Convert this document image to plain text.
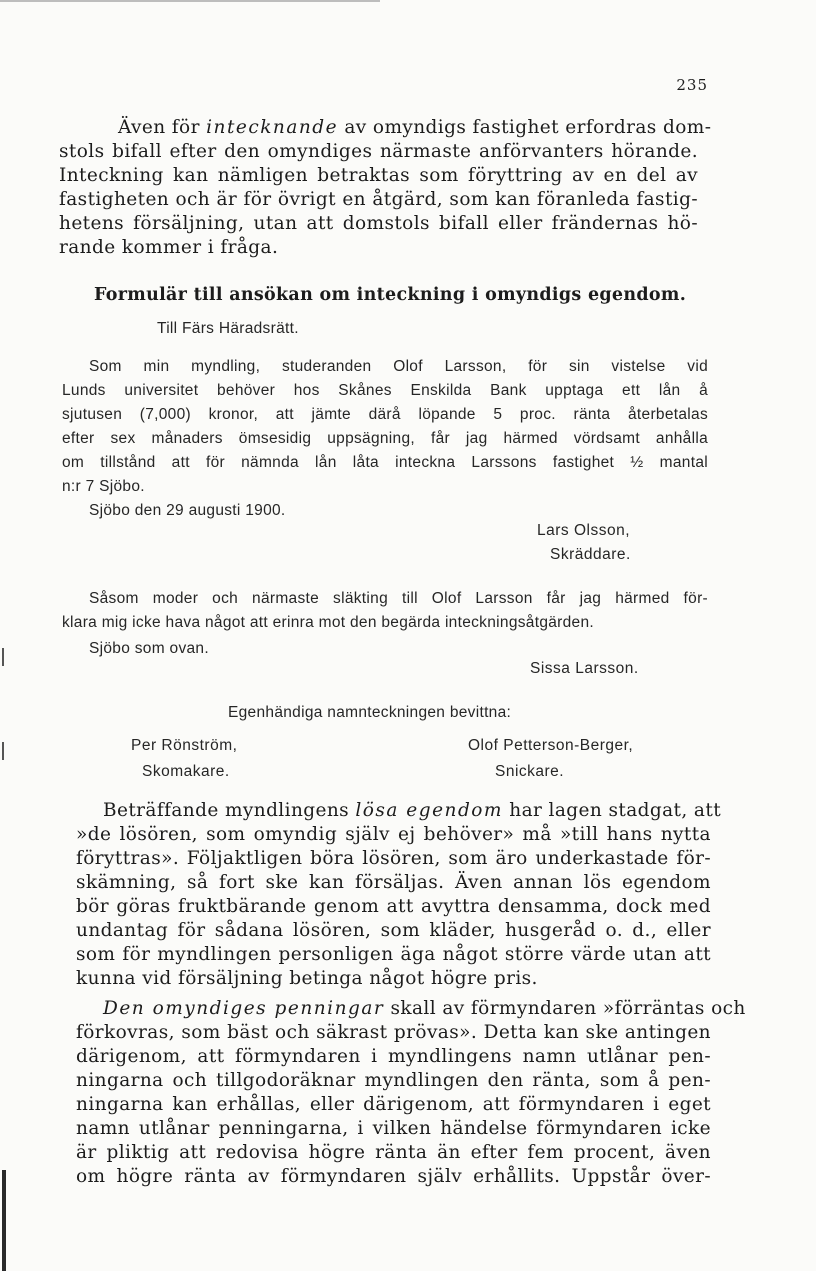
235
Även för intecknande av omyndigs fastighet erfordras dom-
stols bifall efter den omyndiges närmaste anförvanters hörande.
Inteckning kan nämligen betraktas som föryttring av en del av
fastigheten och är för övrigt en åtgärd, som kan föranleda fastig-
hetens försäljning, utan att domstols bifall eller frändernas hö-
rande kommer i fråga.
Formulär till ansökan om inteckning i omyndigs egendom.
Till Färs Häradsrätt.
Som min myndling, studeranden Olof Larsson, för sin vistelse vid
Lunds universitet behöver hos Skånes Enskilda Bank upptaga ett lån å
sjutusen (7,000) kronor, att jämte därå löpande 5 proc. ränta återbetalas
efter sex månaders ömsesidig uppsägning, får jag härmed vördsamt anhålla
om tillstånd att för nämnda lån låta inteckna Larssons fastighet ½ mantal
n:r 7 Sjöbo.
Sjöbo den 29 augusti 1900.
Lars Olsson,
Skräddare.
Såsom moder och närmaste släkting till Olof Larsson får jag härmed för-
klara mig icke hava något att erinra mot den begärda inteckningsåtgärden.
Sjöbo som ovan.
Sissa Larsson.
Egenhändiga namnteckningen bevittna:
Per Rönström,
Skomakare.
Olof Petterson-Berger,
Snickare.
Beträffande myndlingens lösa egendom har lagen stadgat, att
»de lösören, som omyndig själv ej behöver» må »till hans nytta
föryttras». Följaktligen böra lösören, som äro underkastade för-
skämning, så fort ske kan försäljas. Även annan lös egendom
bör göras fruktbärande genom att avyttra densamma, dock med
undantag för sådana lösören, som kläder, husgeråd o. d., eller
som för myndlingen personligen äga något större värde utan att
kunna vid försäljning betinga något högre pris.
Den omyndiges penningar skall av förmyndaren »förräntas och
förkovras, som bäst och säkrast prövas». Detta kan ske antingen
därigenom, att förmyndaren i myndlingens namn utlånar pen-
ningarna och tillgodoräknar myndlingen den ränta, som å pen-
ningarna kan erhållas, eller därigenom, att förmyndaren i eget
namn utlånar penningarna, i vilken händelse förmyndaren icke
är pliktig att redovisa högre ränta än efter fem procent, även
om högre ränta av förmyndaren själv erhållits. Uppstår över-
